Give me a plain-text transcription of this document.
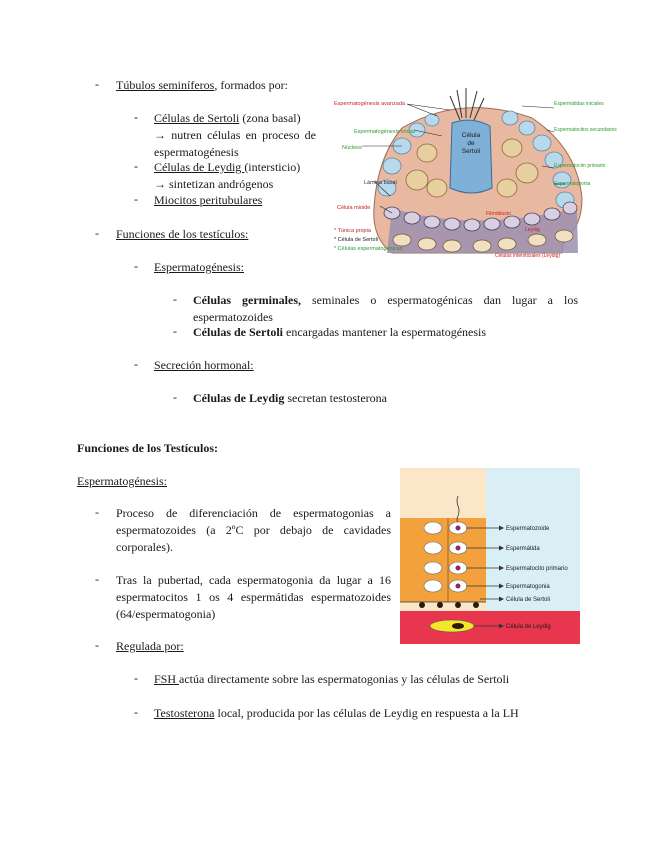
- Túbulos seminíferos, formados por:
- Células de Sertoli (zona basal)
→ nutren células en proceso de espermatogénesis
- Células de Leydig (intersticio)
→ sintetizan andrógenos
- Miocitos peritubulares
- Funciones de los testículos:
- Espermatogénesis:
- Células germinales, seminales o espermatogénicas dan lugar a los espermatozoides
- Células de Sertoli encargadas mantener la espermatogénesis
- Secreción hormonal:
- Células de Leydig secretan testosterona
Célula
de
Sertoli
Espermatogénesis avanzada
Espermatogénesis inicial
Núcleos
Lámina basal
Célula mioide
Espermátidas iniciales
Espermatocitos secundarios
Espermatocito primario
Espermatogonia
Fibroblasto
Leydig
Células intersticiales (Leydig)
* Túnica propia
* Célula de Sertoli
* Células espermatogénicas
Funciones de los Testículos:
Espermatogénesis:
- Proceso de diferenciación de espermatogonias a espermatozoides (a 2ºC por debajo de cavidades corporales).
- Tras la pubertad, cada espermatogonia da lugar a 16 espermatocitos 1 os 4 espermátidas espermatozoides (64/espermatogonia)
- Regulada por:
- FSH actúa directamente sobre las espermatogonias y las células de Sertoli
- Testosterona local, producida por las células de Leydig en respuesta a la LH
Espermatozoide
Espermátida
Espermatocito primario
Espermatogonia
Célula de Sertoli
Célula de Leydig
